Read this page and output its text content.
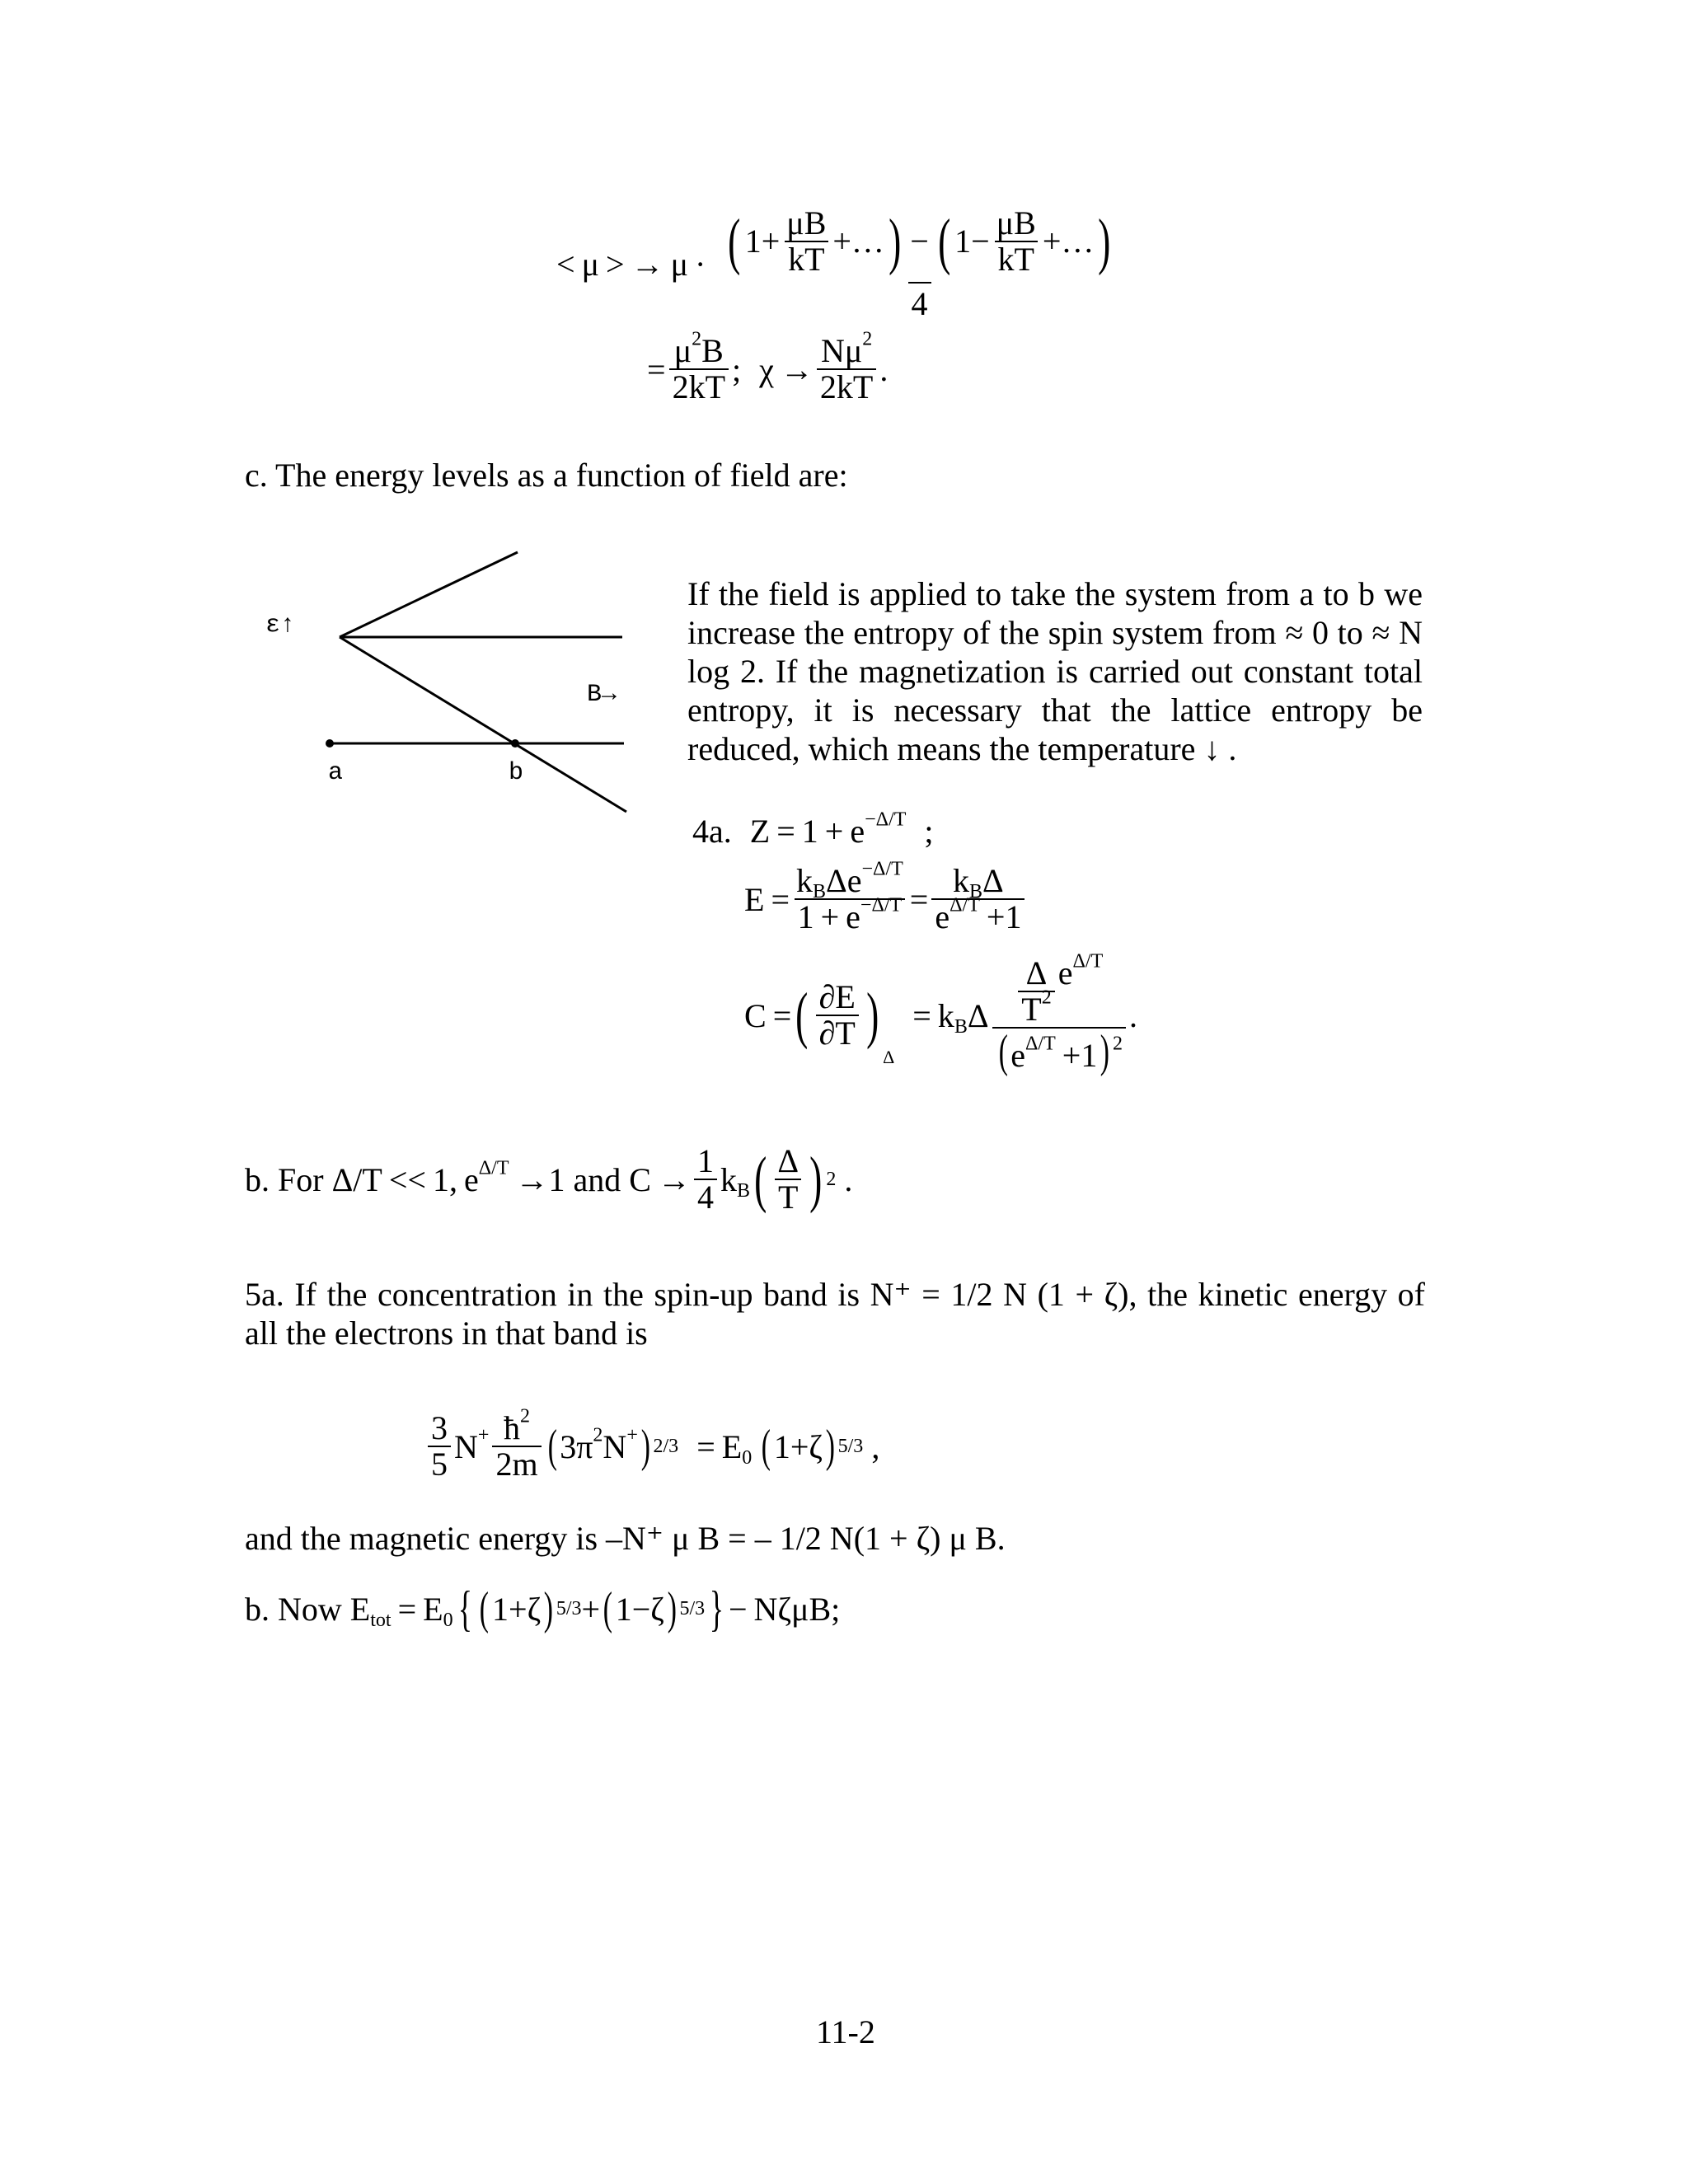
< μ > → $\mu \cdot \frac{( 1+ \frac{\mu B}{kT} +\dots ) - ( 1- \frac{\mu B}{kT} +\dots )}{4}$
= $\frac{\mu^2B}{2kT}$ ; $\chi \to \frac{N\mu^2}{2kT}$ .
c. The energy levels as a function of field are:
ε↑
B→
a	b
If the field is applied to take the system from a to b we increase the entropy of the spin system from ≈ 0 to ≈ N log 2. If the magnetization is carried out constant total entropy, it is necessary that the lattice entropy be reduced, which means the temperature ↓ .
4a. $Z = 1 + e^{-\Delta/T}$ ;
$E = \frac{k_B\Delta e^{-\Delta/T}}{1 + e^{-\Delta/T}} = \frac{k_B\Delta}{e^{\Delta/T} +1}$
C = ( $\frac{\partial E}{\partial T}$ )
Δ
= $k_B\Delta \frac{\frac{\Delta}{T^2} e^{\Delta/T}}{(e^{\Delta/T} +1) ^2}$ .
b. For Δ/T << 1, $e^{\Delta/T} \to 1$ and $C \to \frac{1}{4} k_B$ ( $\frac{\Delta}{T}$ ) 2 .
5a. If the concentration in the spin-up band is N⁺ = 1/2 N (1 + ζ), the kinetic energy of all the electrons in that band is
$\frac{3}{5} N^+ \frac{ħ^2}{2m}$ ( $3\pi^2N^+$ ) $2/3 = E_0$  ( 1+ζ ) 5/3 ,
and the magnetic energy is –N⁺ μ B = – 1/2 N(1 + ζ) μ B.
b. Now $E_{tot} = E_0$ { ( 1+ζ ) 5/3 + ( 1−ζ ) 5/3 } − NζμB;
11-2
